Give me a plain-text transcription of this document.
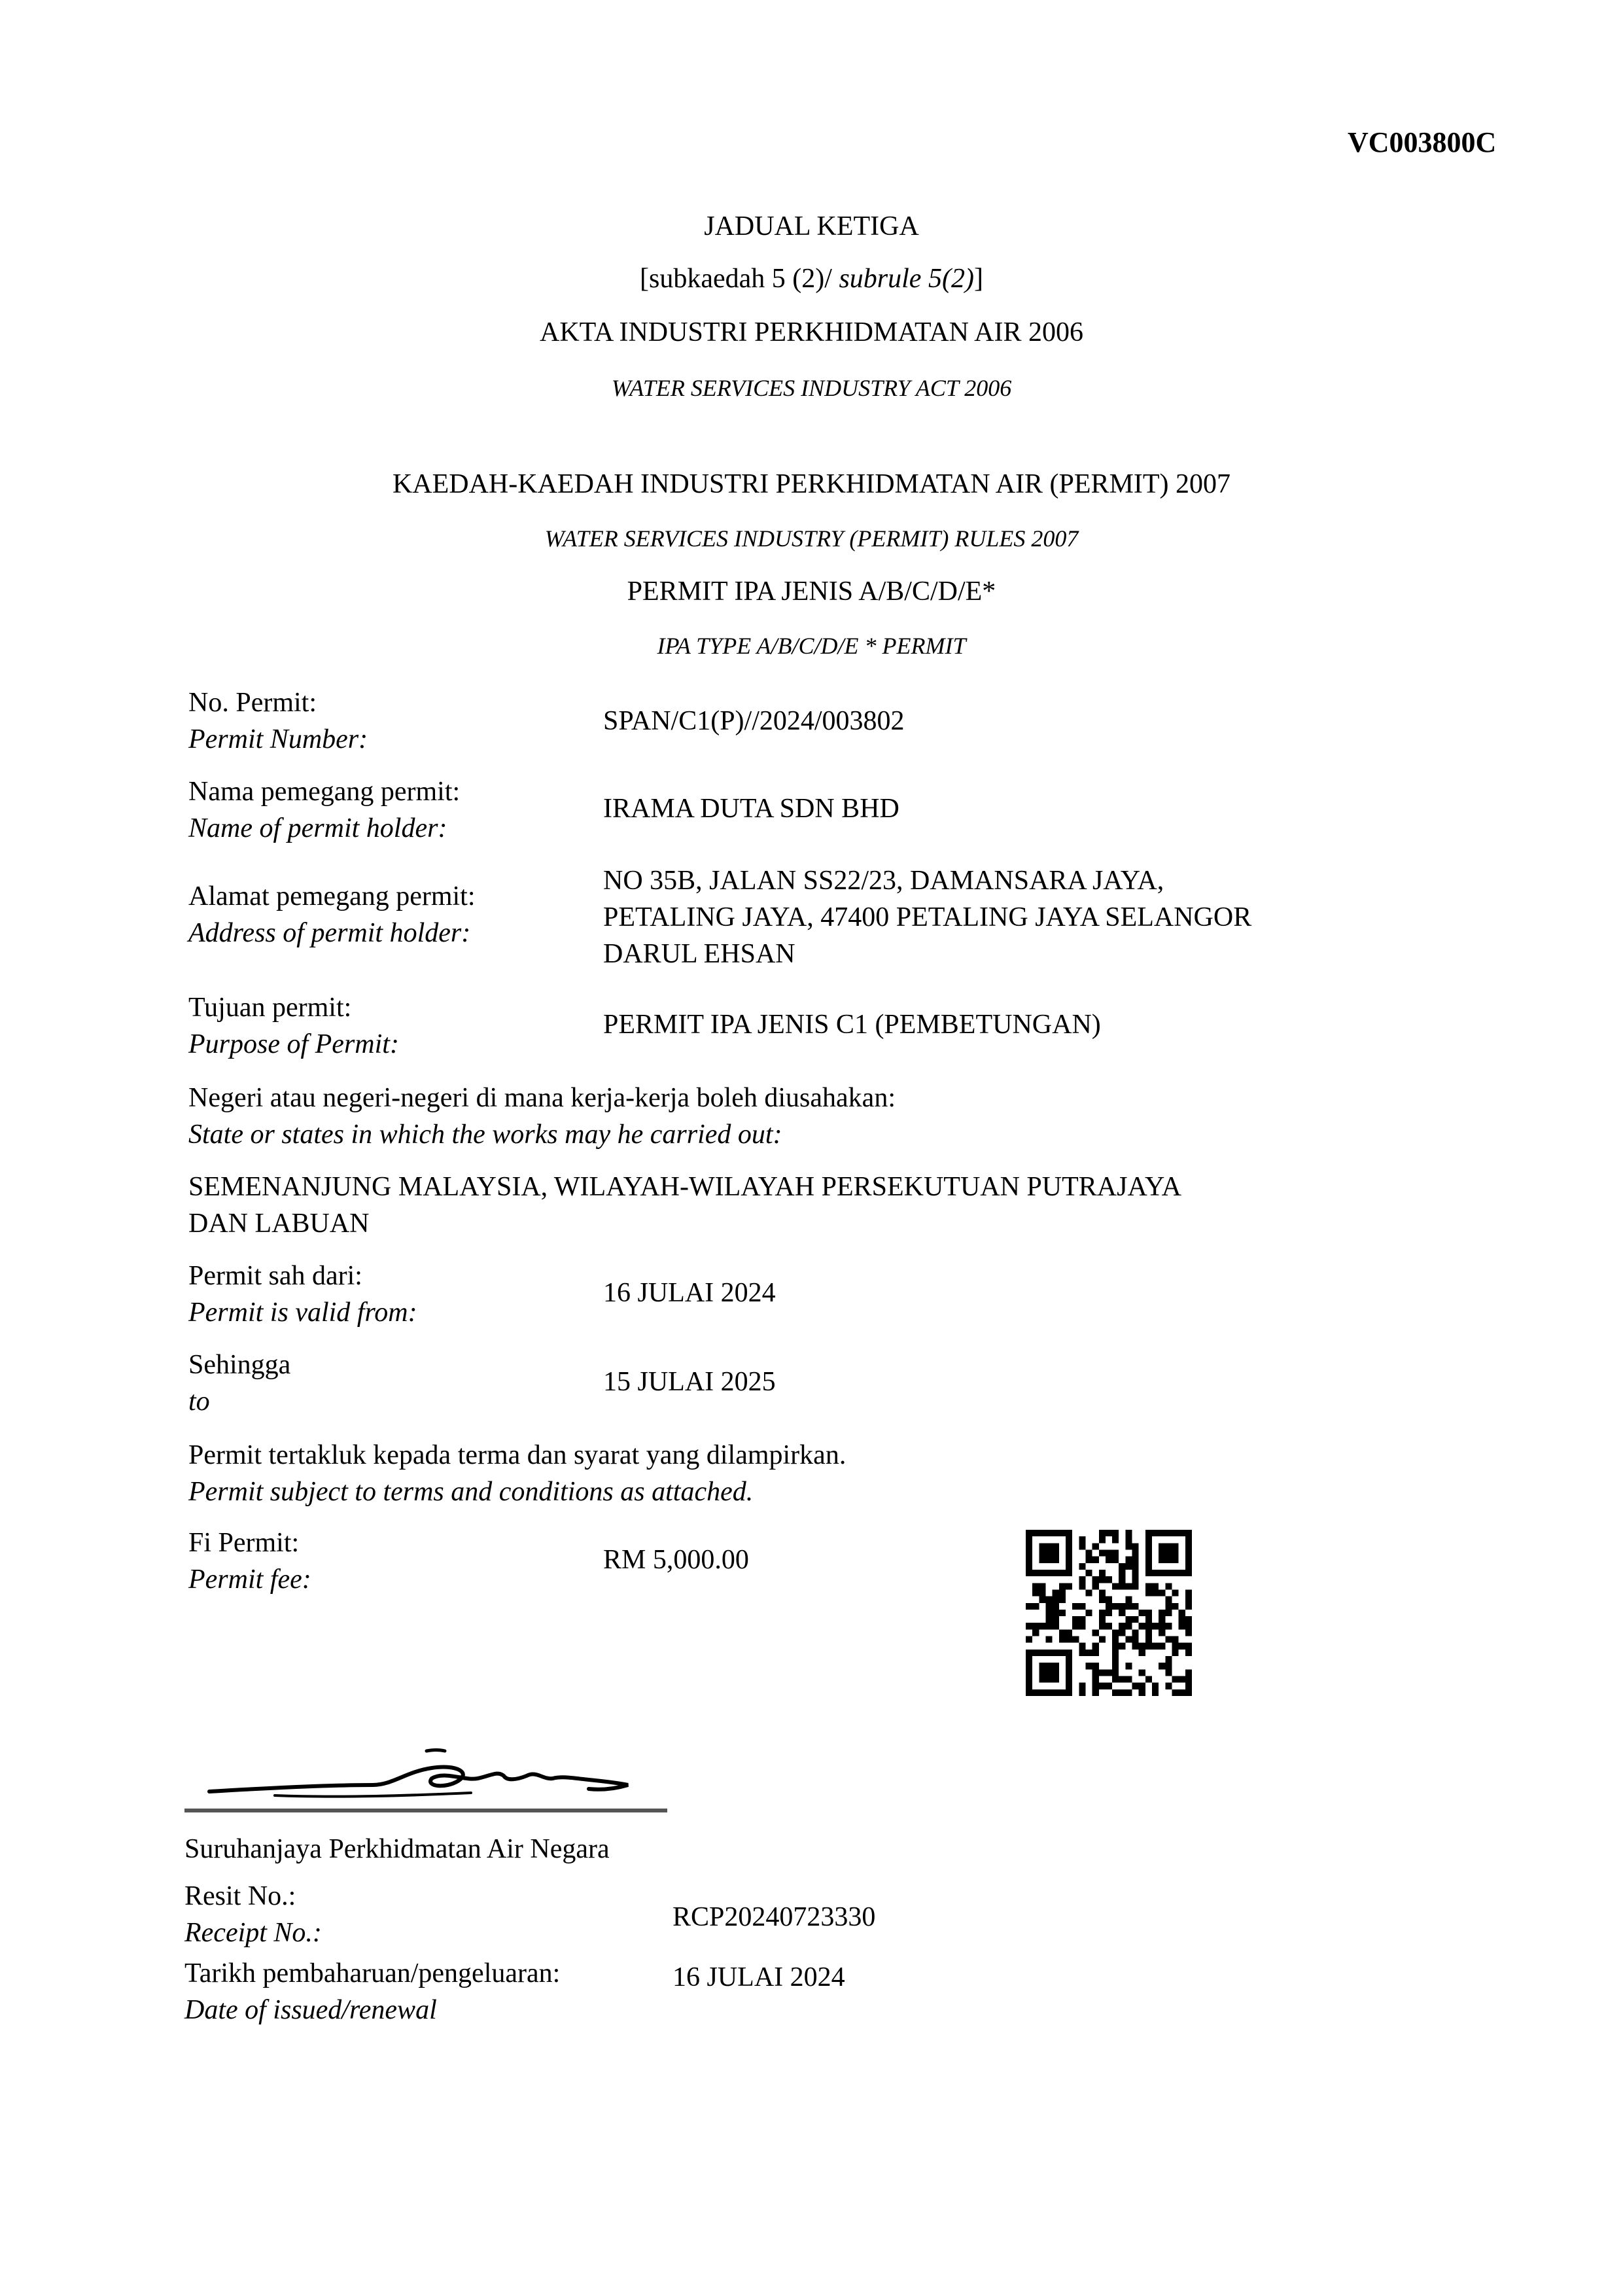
VC003800C
JADUAL KETIGA
[subkaedah 5 (2)/ subrule 5(2)]
AKTA INDUSTRI PERKHIDMATAN AIR 2006
WATER SERVICES INDUSTRY ACT 2006
KAEDAH-KAEDAH INDUSTRI PERKHIDMATAN AIR (PERMIT) 2007
WATER SERVICES INDUSTRY (PERMIT) RULES 2007
PERMIT IPA JENIS A/B/C/D/E*
IPA TYPE A/B/C/D/E * PERMIT
No. Permit:
Permit Number:
SPAN/C1(P)//2024/003802
Nama pemegang permit:
Name of permit holder:
IRAMA DUTA SDN BHD
Alamat pemegang permit:
Address of permit holder:
NO 35B, JALAN SS22/23, DAMANSARA JAYA,
PETALING JAYA, 47400 PETALING JAYA SELANGOR
DARUL EHSAN
Tujuan permit:
Purpose of Permit:
PERMIT IPA JENIS C1 (PEMBETUNGAN)
Negeri atau negeri-negeri di mana kerja-kerja boleh diusahakan:
State or states in which the works may he carried out:
SEMENANJUNG MALAYSIA, WILAYAH-WILAYAH PERSEKUTUAN PUTRAJAYA
DAN LABUAN
Permit sah dari:
Permit is valid from:
16 JULAI 2024
Sehingga
to
15 JULAI 2025
Permit tertakluk kepada terma dan syarat yang dilampirkan.
Permit subject to terms and conditions as attached.
Fi Permit:
Permit fee:
RM 5,000.00
Suruhanjaya Perkhidmatan Air Negara
Resit No.:
Receipt No.:
RCP20240723330
Tarikh pembaharuan/pengeluaran:
Date of issued/renewal
16 JULAI 2024
